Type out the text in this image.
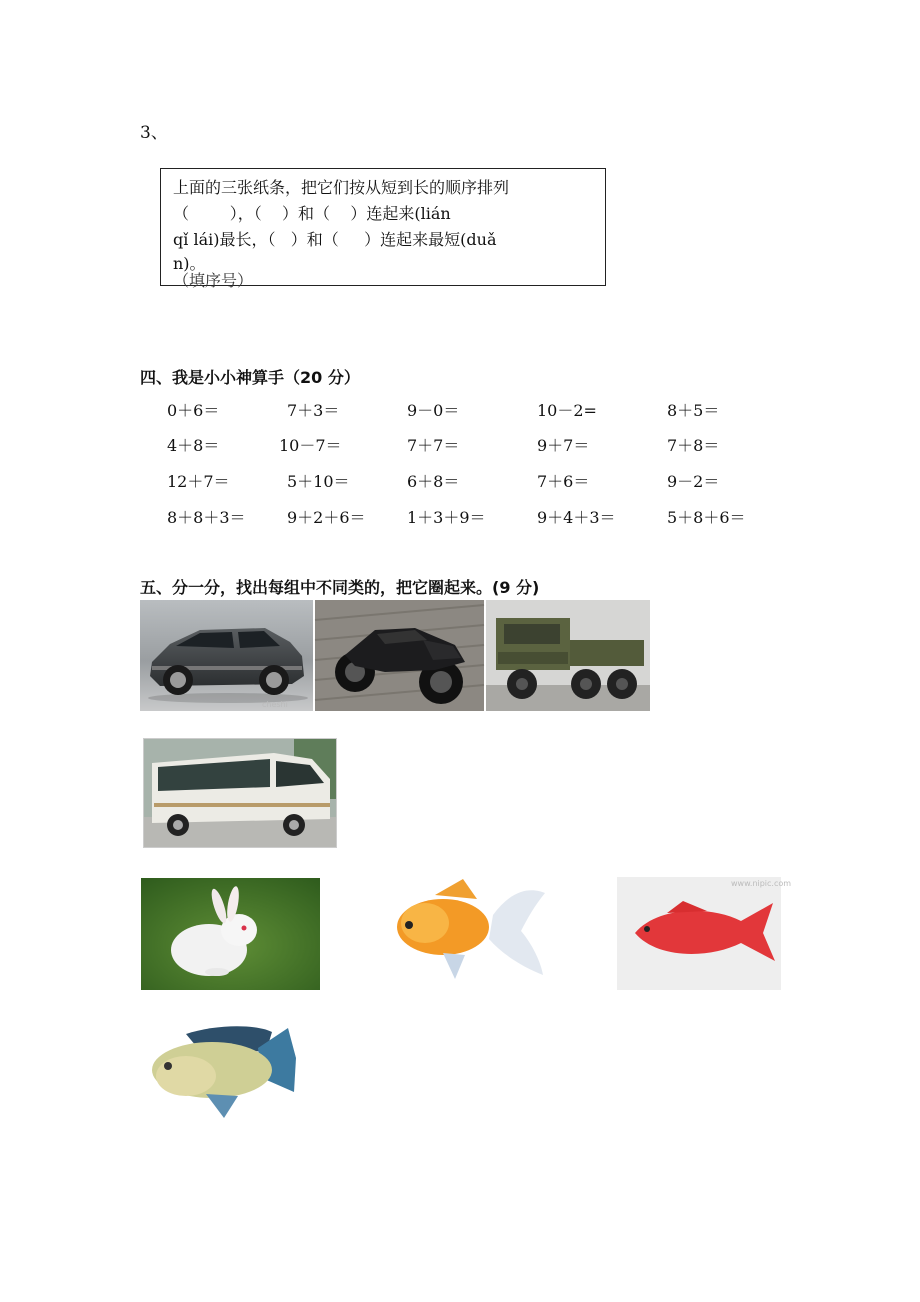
3、
上面的三张纸条，把它们按从短到长的顺序排列
（        ），（    ）和（    ）连起来(lián
qǐ lái)最长，（   ）和（     ）连起来最短(duǎ
n)。
（填序号）
四、我是小小神算手（20 分）
0＋6＝	7＋3＝	9－0＝	10－2=	8＋5＝
4＋8＝	10－7＝	7＋7＝	9＋7＝	7＋8＝
12＋7＝	5＋10＝	6＋8＝	7＋6＝	9－2＝
8＋8＋3＝	9＋2＋6＝	1＋3＋9＝	9＋4＋3＝	5＋8＋6＝
五、分一分，找出每组中不同类的，把它圈起来。(9 分)
cheshi
www.nipic.com
